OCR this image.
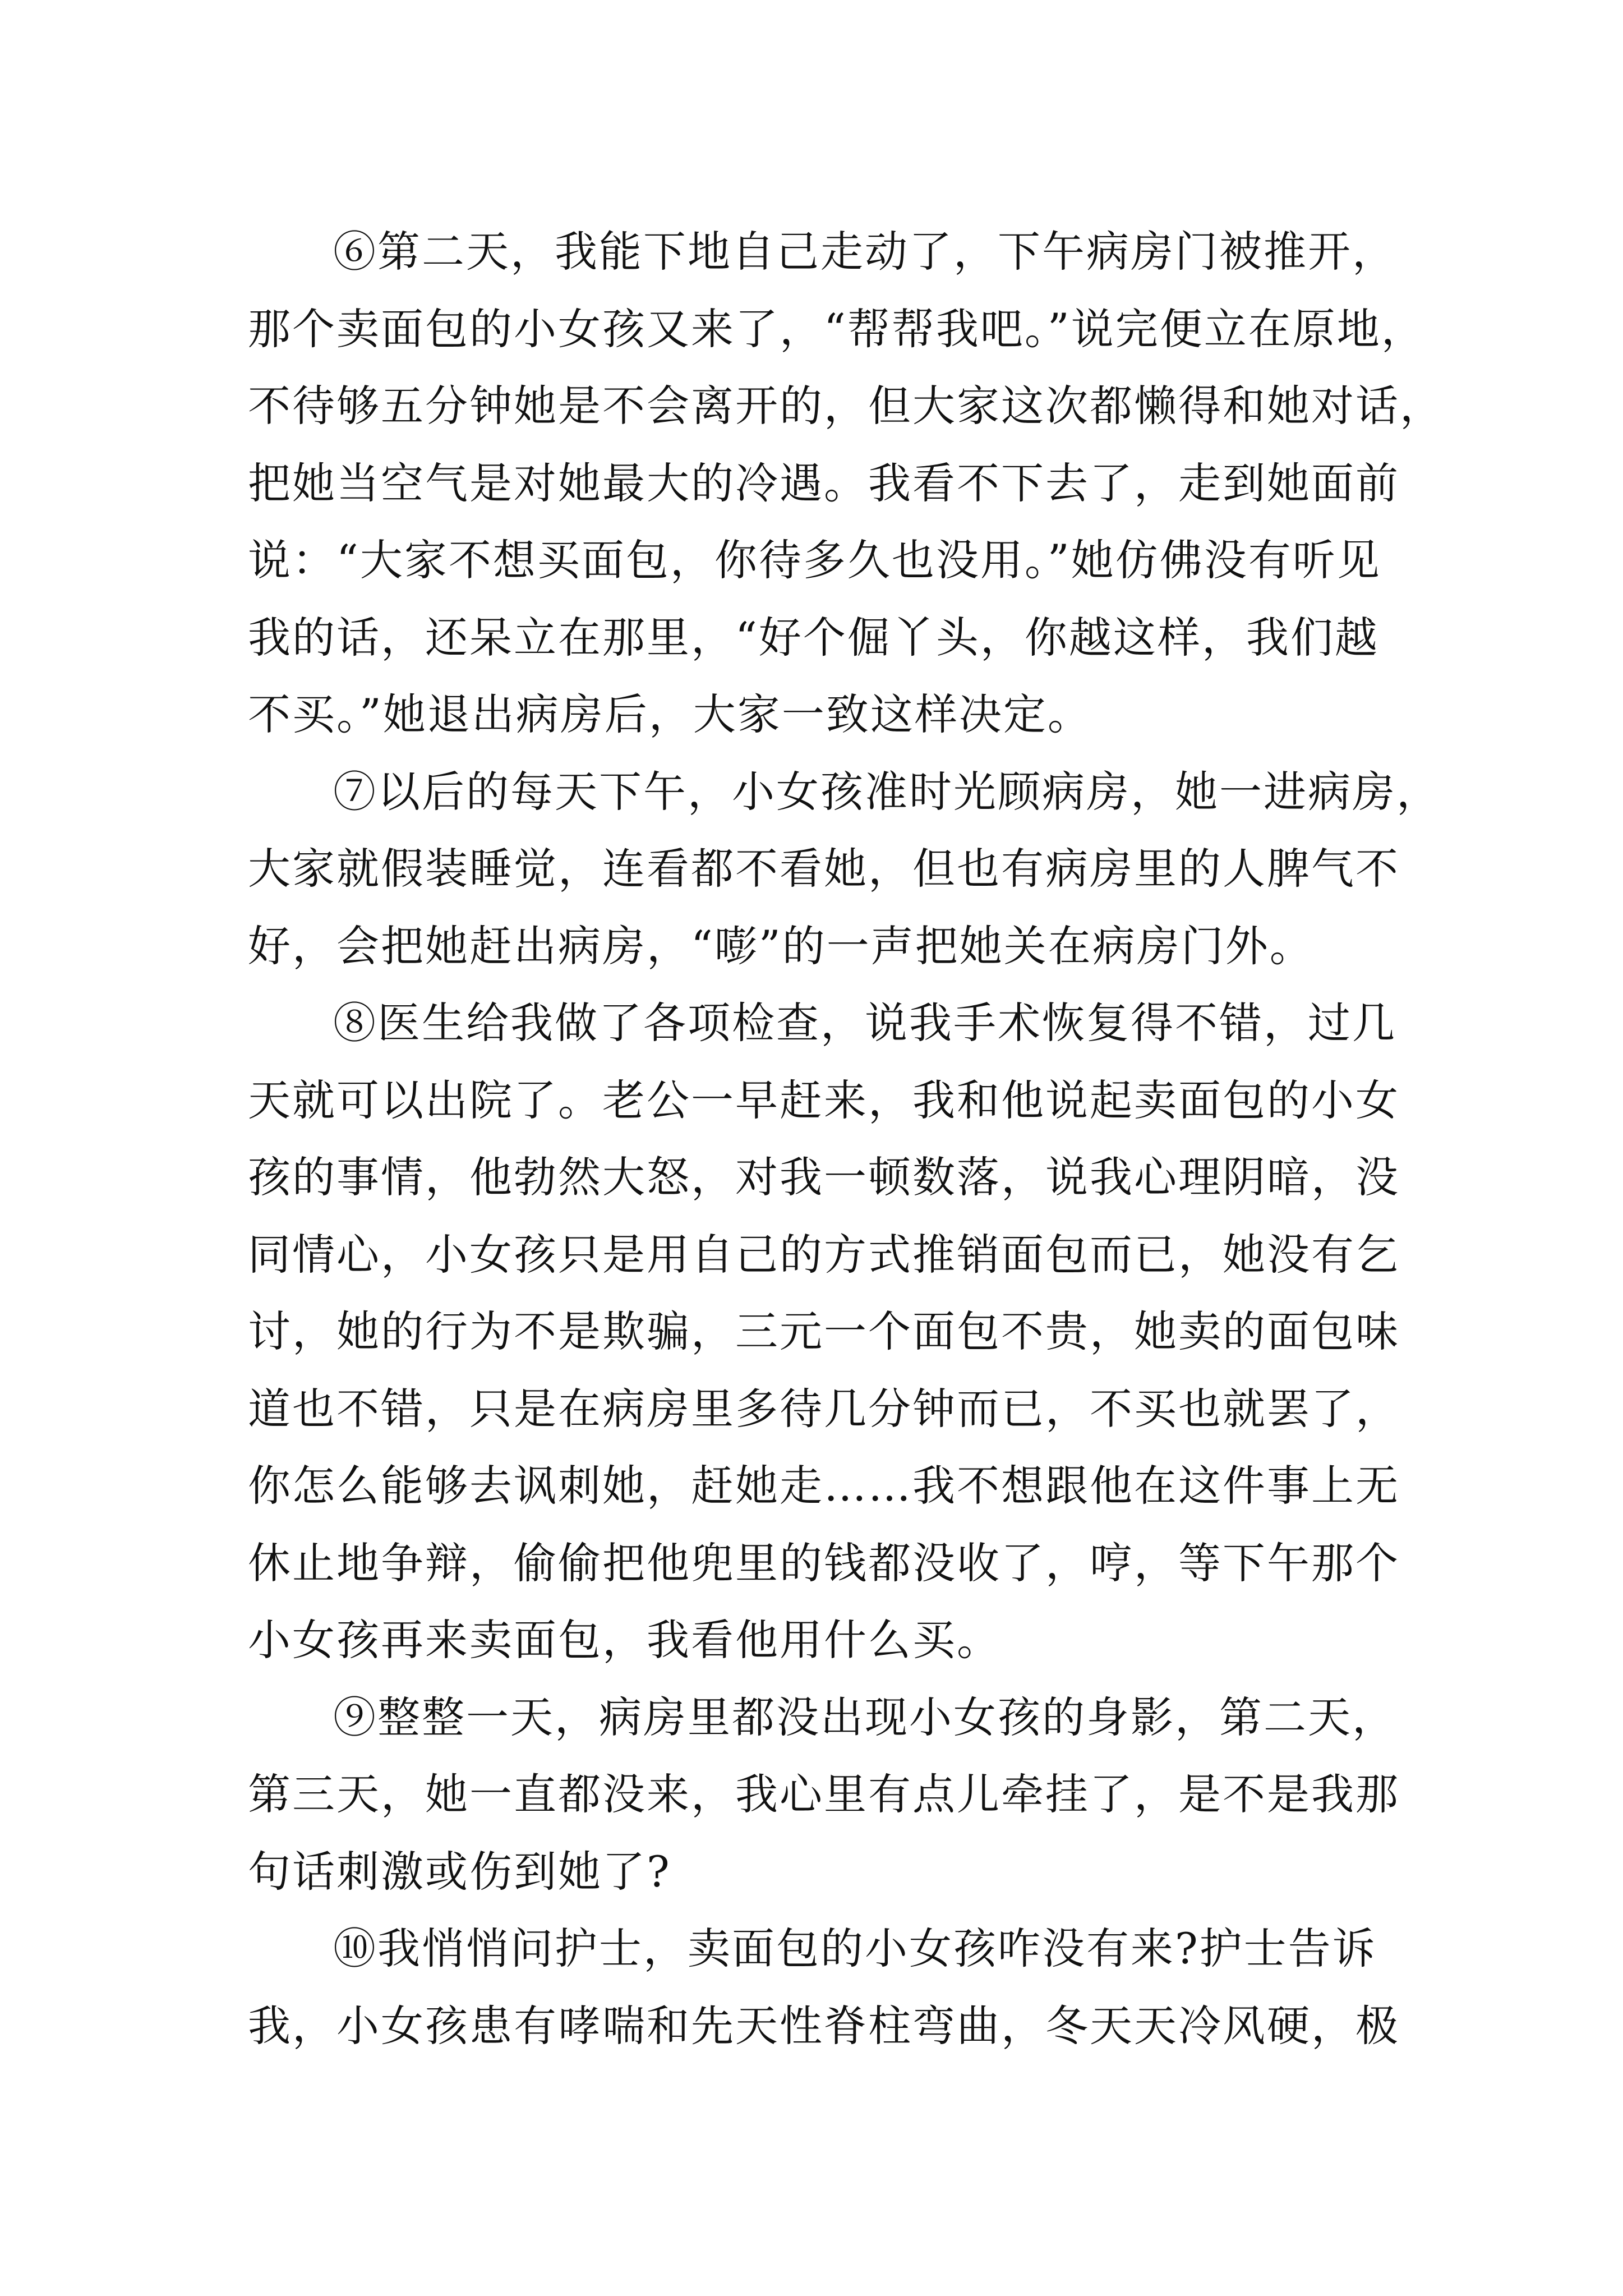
⑥第二天，我能下地自己走动了，下午病房门被推开，
那个卖面包的小女孩又来了，“帮帮我吧。”说完便立在原地，
不待够五分钟她是不会离开的，但大家这次都懒得和她对话，
把她当空气是对她最大的冷遇。我看不下去了，走到她面前
说：“大家不想买面包，你待多久也没用。”她仿佛没有听见
我的话，还呆立在那里，“好个倔丫头，你越这样，我们越
不买。”她退出病房后，大家一致这样决定。
⑦以后的每天下午，小女孩准时光顾病房，她一进病房，
大家就假装睡觉，连看都不看她，但也有病房里的人脾气不
好，会把她赶出病房，“嘭”的一声把她关在病房门外。
⑧医生给我做了各项检查，说我手术恢复得不错，过几
天就可以出院了。老公一早赶来，我和他说起卖面包的小女
孩的事情，他勃然大怒，对我一顿数落，说我心理阴暗，没
同情心，小女孩只是用自己的方式推销面包而已，她没有乞
讨，她的行为不是欺骗，三元一个面包不贵，她卖的面包味
道也不错，只是在病房里多待几分钟而已，不买也就罢了，
你怎么能够去讽刺她，赶她走……我不想跟他在这件事上无
休止地争辩，偷偷把他兜里的钱都没收了，哼，等下午那个
小女孩再来卖面包，我看他用什么买。
⑨整整一天，病房里都没出现小女孩的身影，第二天，
第三天，她一直都没来，我心里有点儿牵挂了，是不是我那
句话刺激或伤到她了?
⑩我悄悄问护士，卖面包的小女孩咋没有来?护士告诉
我，小女孩患有哮喘和先天性脊柱弯曲，冬天天冷风硬，极
